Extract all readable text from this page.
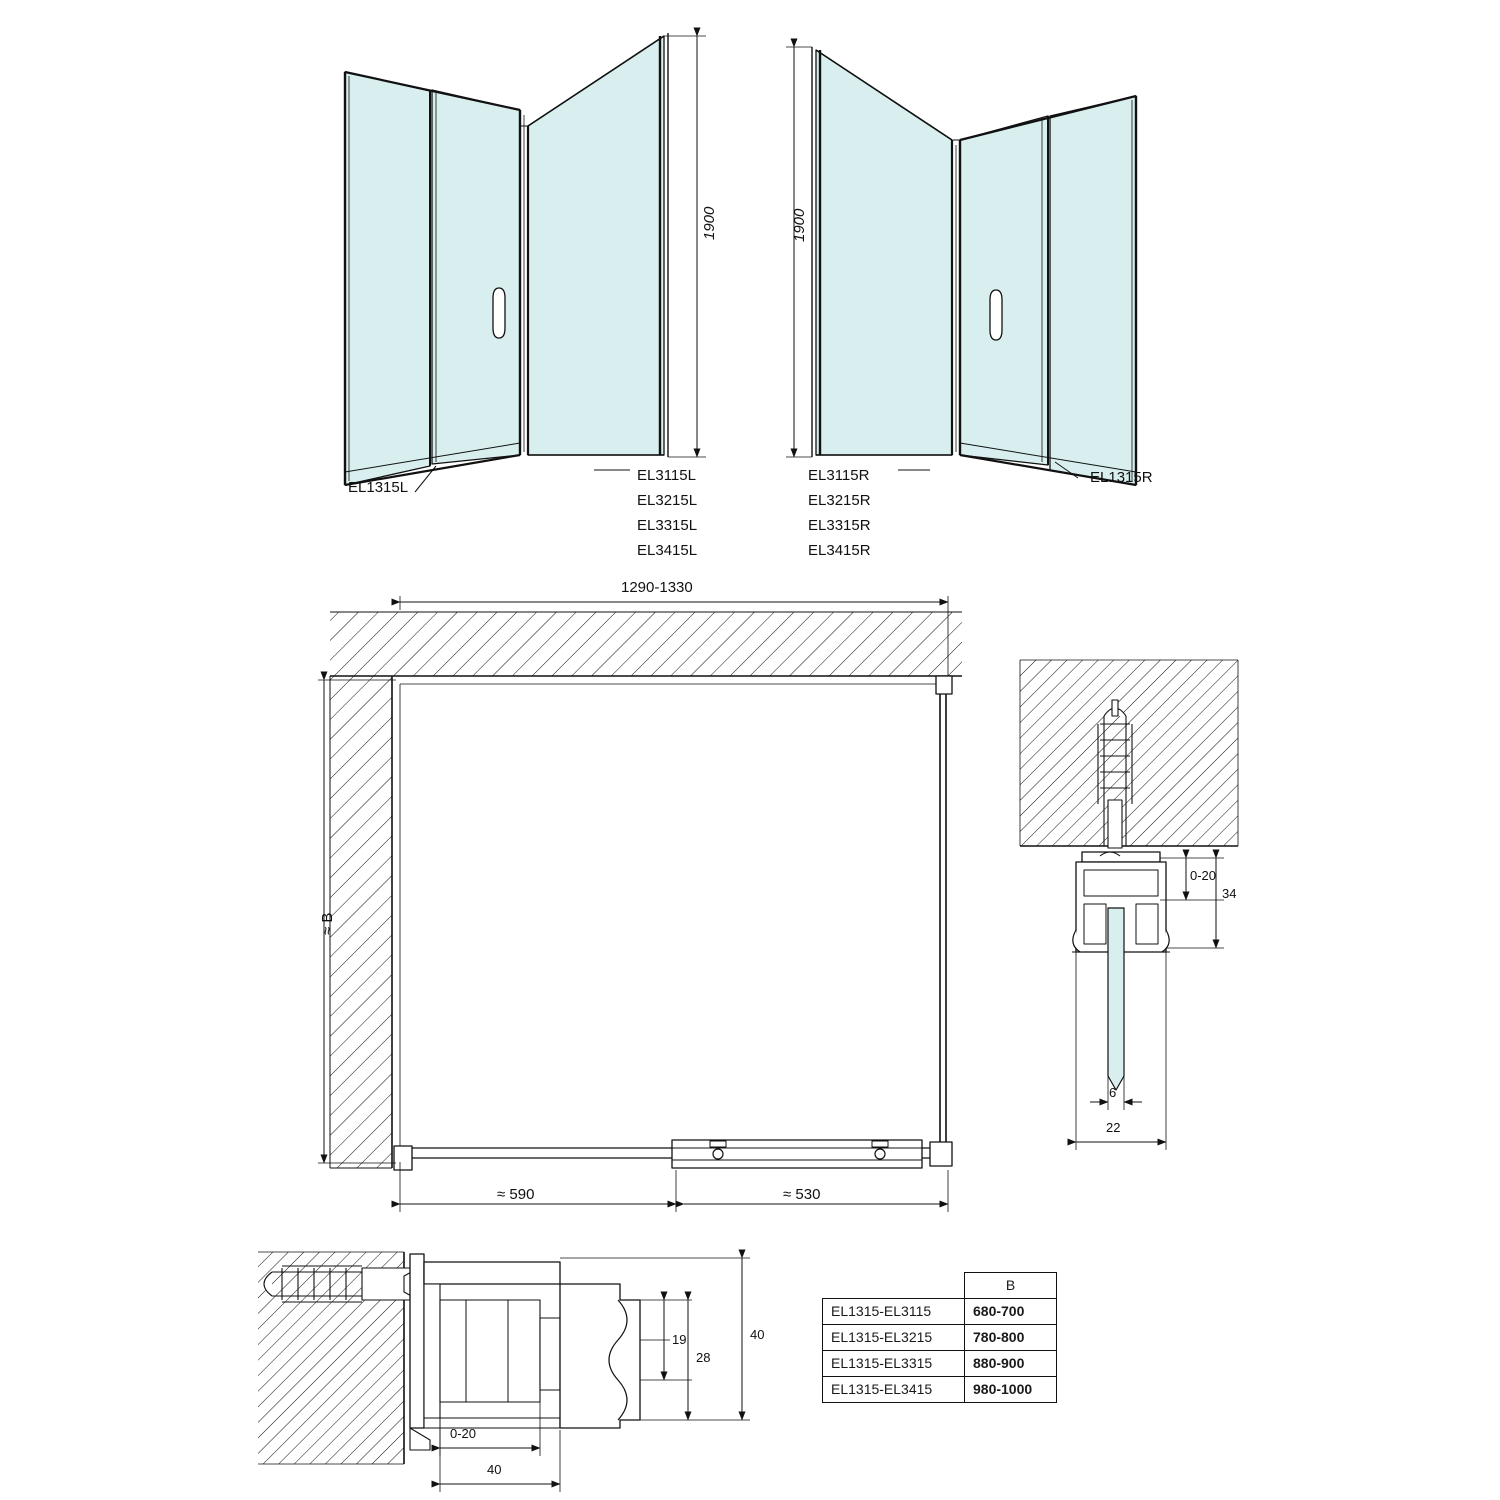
1900
EL1315L
EL3115L
EL3215L
EL3315L
EL3415L
1900
EL3115R
EL3215R
EL3315R
EL3415R
EL1315R
1290-1330
≈ B
≈ 590	≈ 530
0-20
34
6
22
0-20
40
19
28
40
	B
EL1315-EL3115	680-700
EL1315-EL3215	780-800
EL1315-EL3315	880-900
EL1315-EL3415	980-1000
